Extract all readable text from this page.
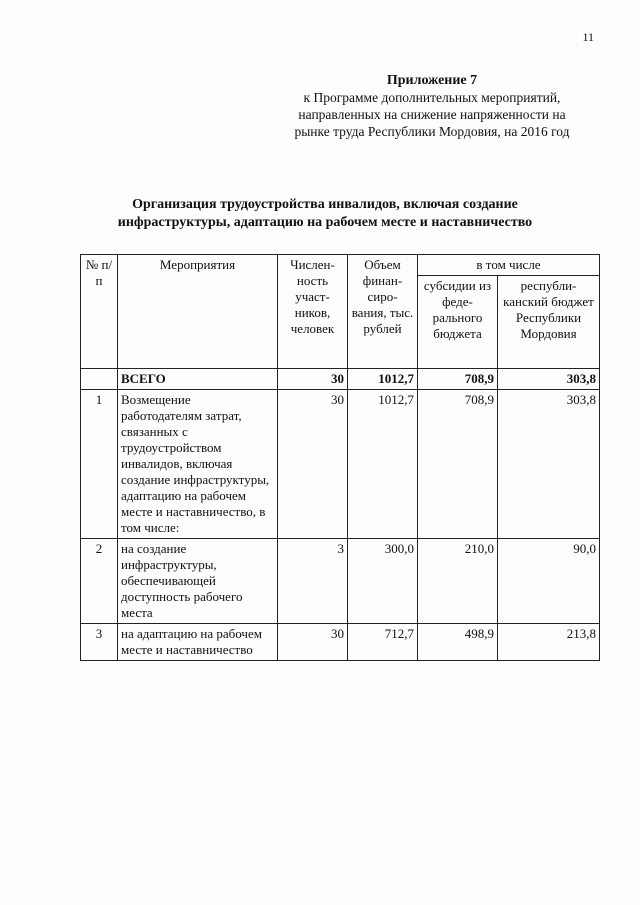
11
Приложение 7
к Программе дополнительных мероприятий,
направленных на снижение напряженности на
рынке труда Республики Мордовия, на 2016 год
Организация трудоустройства инвалидов, включая создание
инфраструктуры, адаптацию на рабочем месте и наставничество
№ п/п	Мероприятия	Числен-ность участ-ников, человек	Объем финан-сиро-вания, тыс. рублей	в том числе	
				субсидии из феде-рального бюджета	республи-канский бюджет Республики Мордовия
	ВСЕГО	30	1012,7	708,9	303,8
1	Возмещение работодателям затрат, связанных с трудоустройством инвалидов, включая создание инфраструктуры, адаптацию на рабочем месте и наставничество, в том числе:	30	1012,7	708,9	303,8
2	на создание инфраструктуры, обеспечивающей доступность рабочего места	3	300,0	210,0	90,0
3	на адаптацию на рабочем месте и наставничество	30	712,7	498,9	213,8
